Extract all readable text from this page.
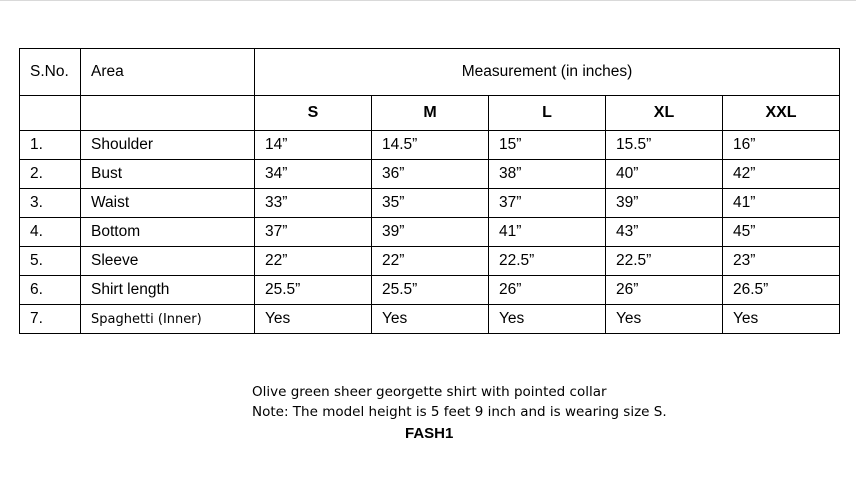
S.No.	Area	Measurement (in inches)				
		S	M	L	XL	XXL
1.	Shoulder	14”	14.5”	15”	15.5”	16”
2.	Bust	34”	36”	38”	40”	42”
3.	Waist	33”	35”	37”	39”	41”
4.	Bottom	37”	39”	41”	43”	45”
5.	Sleeve	22”	22”	22.5”	22.5”	23”
6.	Shirt length	25.5”	25.5”	26”	26”	26.5”
7.	Spaghetti (Inner)	Yes	Yes	Yes	Yes	Yes
Olive green sheer georgette shirt with pointed collar
Note: The model height is 5 feet 9 inch and is wearing size S.
FASH1
